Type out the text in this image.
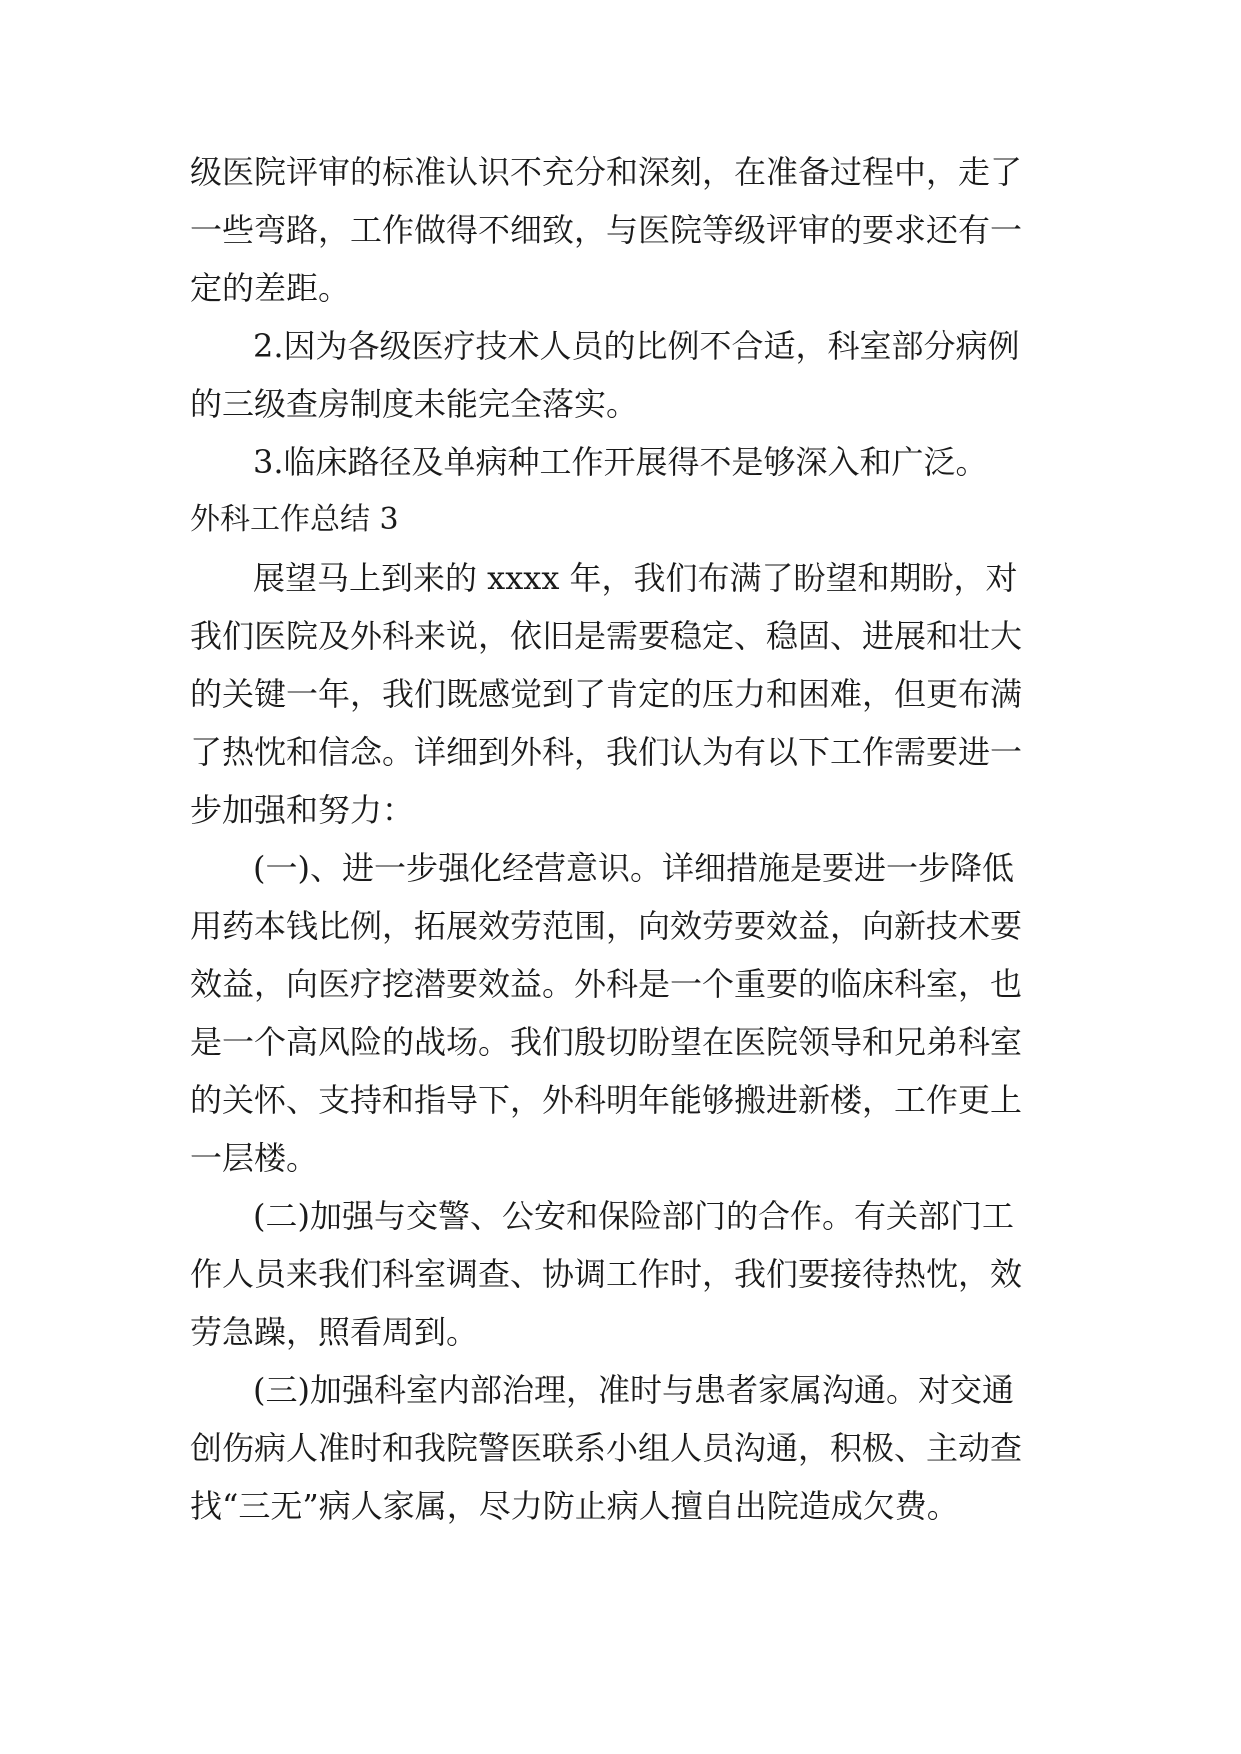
级医院评审的标准认识不充分和深刻，在准备过程中，走了
一些弯路，工作做得不细致，与医院等级评审的要求还有一
定的差距。
2.因为各级医疗技术人员的比例不合适，科室部分病例
的三级查房制度未能完全落实。
3.临床路径及单病种工作开展得不是够深入和广泛。
外科工作总结 3
展望马上到来的 xxxx 年，我们布满了盼望和期盼，对
我们医院及外科来说，依旧是需要稳定、稳固、进展和壮大
的关键一年，我们既感觉到了肯定的压力和困难，但更布满
了热忱和信念。详细到外科，我们认为有以下工作需要进一
步加强和努力：
(一)、进一步强化经营意识。详细措施是要进一步降低
用药本钱比例，拓展效劳范围，向效劳要效益，向新技术要
效益，向医疗挖潜要效益。外科是一个重要的临床科室，也
是一个高风险的战场。我们殷切盼望在医院领导和兄弟科室
的关怀、支持和指导下，外科明年能够搬进新楼，工作更上
一层楼。
(二)加强与交警、公安和保险部门的合作。有关部门工
作人员来我们科室调查、协调工作时，我们要接待热忱，效
劳急躁，照看周到。
(三)加强科室内部治理，准时与患者家属沟通。对交通
创伤病人准时和我院警医联系小组人员沟通，积极、主动查
找“三无”病人家属，尽力防止病人擅自出院造成欠费。
